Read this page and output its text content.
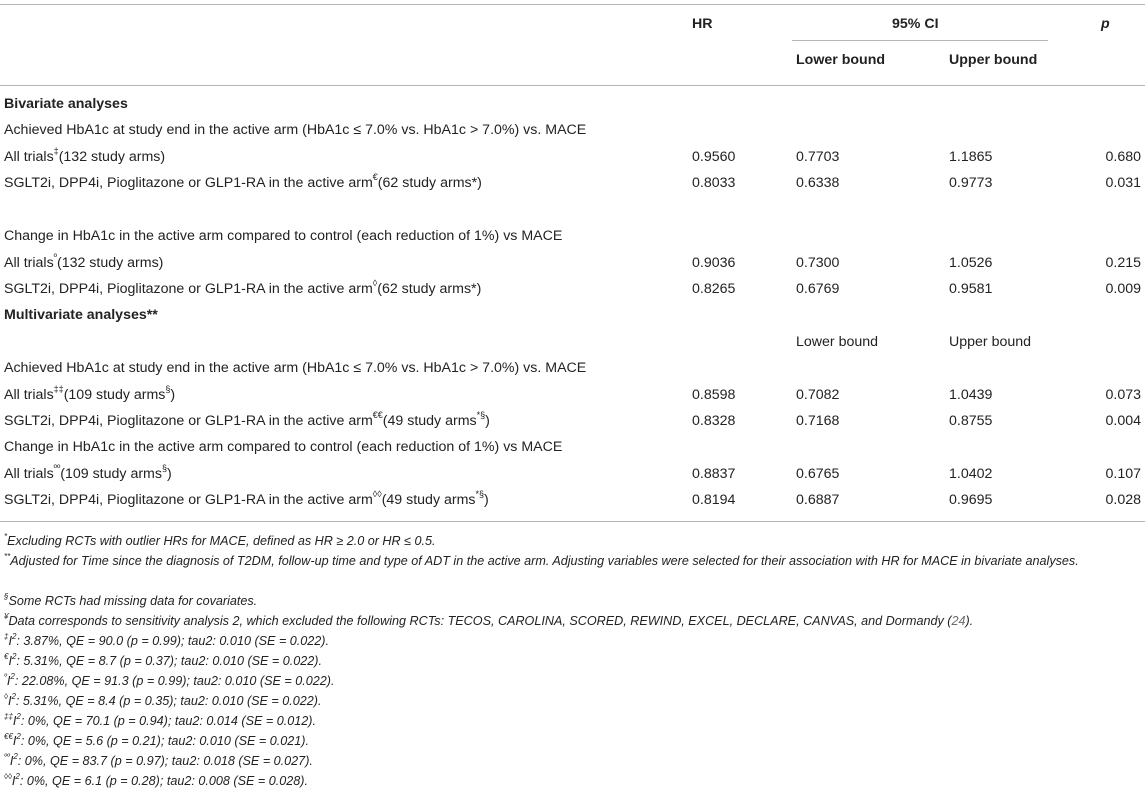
HR	95% CI	p
Lower bound	Upper bound
Bivariate analyses
Achieved HbA1c at study end in the active arm (HbA1c ≤ 7.0% vs. HbA1c > 7.0%) vs. MACE
All trials‡(132 study arms)	0.9560	0.7703	1.1865	0.680
SGLT2i, DPP4i, Pioglitazone or GLP1-RA in the active arm€(62 study arms*)	0.8033	0.6338	0.9773	0.031
Change in HbA1c in the active arm compared to control (each reduction of 1%) vs MACE
All trials$^º$(132 study arms)	0.9036	0.7300	1.0526	0.215
SGLT2i, DPP4i, Pioglitazone or GLP1-RA in the active arm◊(62 study arms*)	0.8265	0.6769	0.9581	0.009
Multivariate analyses**
Lower bound	Upper bound
Achieved HbA1c at study end in the active arm (HbA1c ≤ 7.0% vs. HbA1c > 7.0%) vs. MACE
All trials‡‡(109 study arms§)	0.8598	0.7082	1.0439	0.073
SGLT2i, DPP4i, Pioglitazone or GLP1-RA in the active arm€€(49 study arms*§)	0.8328	0.7168	0.8755	0.004
Change in HbA1c in the active arm compared to control (each reduction of 1%) vs MACE
All trials$^{ºº}$(109 study arms§)	0.8837	0.6765	1.0402	0.107
SGLT2i, DPP4i, Pioglitazone or GLP1-RA in the active arm◊◊(49 study arms*§)	0.8194	0.6887	0.9695	0.028
*Excluding RCTs with outlier HRs for MACE, defined as HR ≥ 2.0 or HR ≤ 0.5.
**Adjusted for Time since the diagnosis of T2DM, follow-up time and type of ADT in the active arm. Adjusting variables were selected for their association with HR for MACE in bivariate analyses.
§Some RCTs had missing data for covariates.
¥Data corresponds to sensitivity analysis 2, which excluded the following RCTs: TECOS, CAROLINA, SCORED, REWIND, EXCEL, DECLARE, CANVAS, and Dormandy (24).
$^\ddagger I^2$: 3.87%, QE = 90.0 (p = 0.99); tau2: 0.010 (SE = 0.022).
$^€I^2$: 5.31%, QE = 8.7 (p = 0.37); tau2: 0.010 (SE = 0.022).
$^ºI^2$: 22.08%, QE = 91.3 (p = 0.99); tau2: 0.010 (SE = 0.022).
$^◊I^2$: 5.31%, QE = 8.4 (p = 0.35); tau2: 0.010 (SE = 0.022).
$^{\ddagger\ddagger}I^2$: 0%, QE = 70.1 (p = 0.94); tau2: 0.014 (SE = 0.012).
$^{€€}I^2$: 0%, QE = 5.6 (p = 0.21); tau2: 0.010 (SE = 0.021).
$^{ºº}I^2$: 0%, QE = 83.7 (p = 0.97); tau2: 0.018 (SE = 0.027).
$^{◊◊}I^2$: 0%, QE = 6.1 (p = 0.28); tau2: 0.008 (SE = 0.028).
